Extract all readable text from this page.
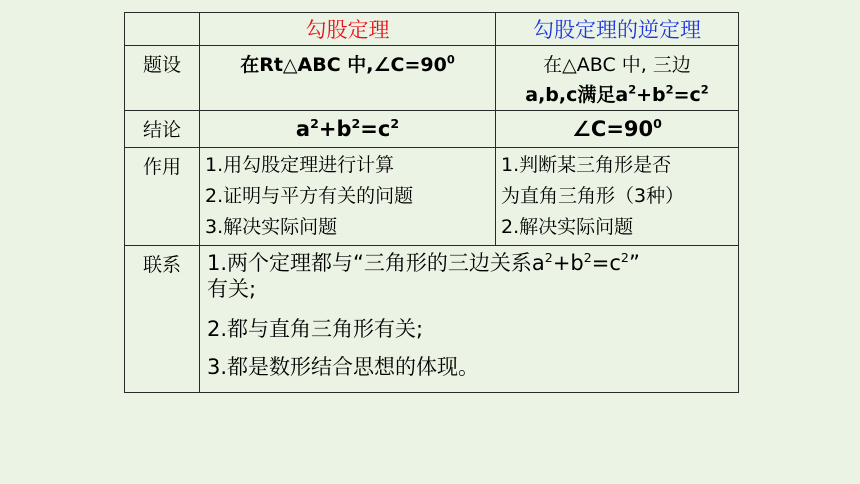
	勾股定理	勾股定理的逆定理
题设	在Rt△ABC 中$,\angle C=90^0$	在△ABC 中, 三边
a,b,c满足$a^2+b^2=c^2$

结论	$a^2+b^2=c^2$	$\angle C=90^0$
作用	1.用勾股定理进行计算
2.证明与平方有关的问题
3.解决实际问题	1.判断某三角形是否
为直角三角形（3种）
2.解决实际问题

联系	1.两个定理都与“三角形的三边关系$a^2+b^2=c^2$”
有关;
2.都与直角三角形有关;
3.都是数形结合思想的体现。	
